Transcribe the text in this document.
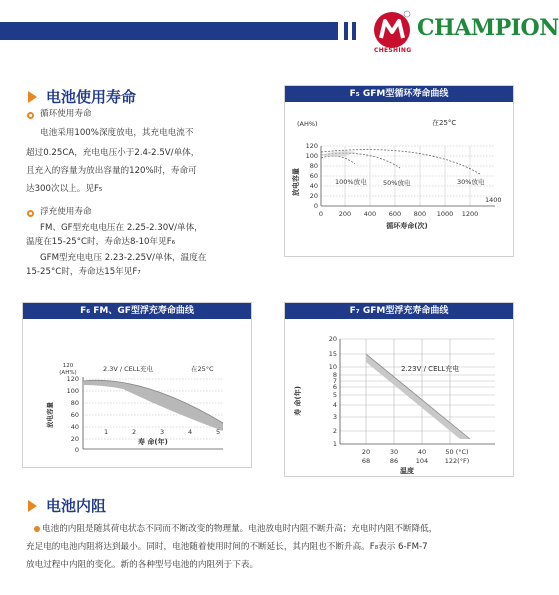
CHESHING
CHAMPION
电池使用寿命
循环使用寿命
电池采用100%深度放电，其充电电流不
超过0.25CA，充电电压小于2.4-2.5V/单体，
且充入的容量为放出容量的120%时，寿命可
达300次以上。见F₅
浮充使用寿命
FM、GF型充电电压在 2.25-2.30V/单体，
温度在15-25°C时，寿命达8-10年见F₆
GFM型充电电压 2.23-2.25V/单体，温度在
15-25°C时，寿命达15年见F₇
F₅ GFM型循环寿命曲线
(AH%)	在25°C
放电容量
120
100
80
60
40
20
0
0 200 400 600 800 1000 1200
1400
100%放电	50%放电	30%放电
循环寿命(次)
F₆ FM、GF型浮充寿命曲线
120
(AH%)	2.3V / CELL充电	在25°C
放电容量
120
100
80
60
40
20
0
1	2	3	4	5
寿 命(年)
F₇ GFM型浮充寿命曲线
寿 命(年)
20
15
10
8
7
6
5
4
3
2
1
2.23V / CELL充电
20	30	40	50 (°C)
68	86	104	122(°F)
温度
电池内阻
电池的内阻是随其荷电状态不同而不断改变的物理量。电池放电时内阻不断升高；充电时内阻不断降低，
充足电的电池内阻将达到最小。同时，电池随着使用时间的不断延长，其内阻也不断升高。F₈表示 6-FM-7
放电过程中内阻的变化。新的各种型号电池的内阻列于下表。
